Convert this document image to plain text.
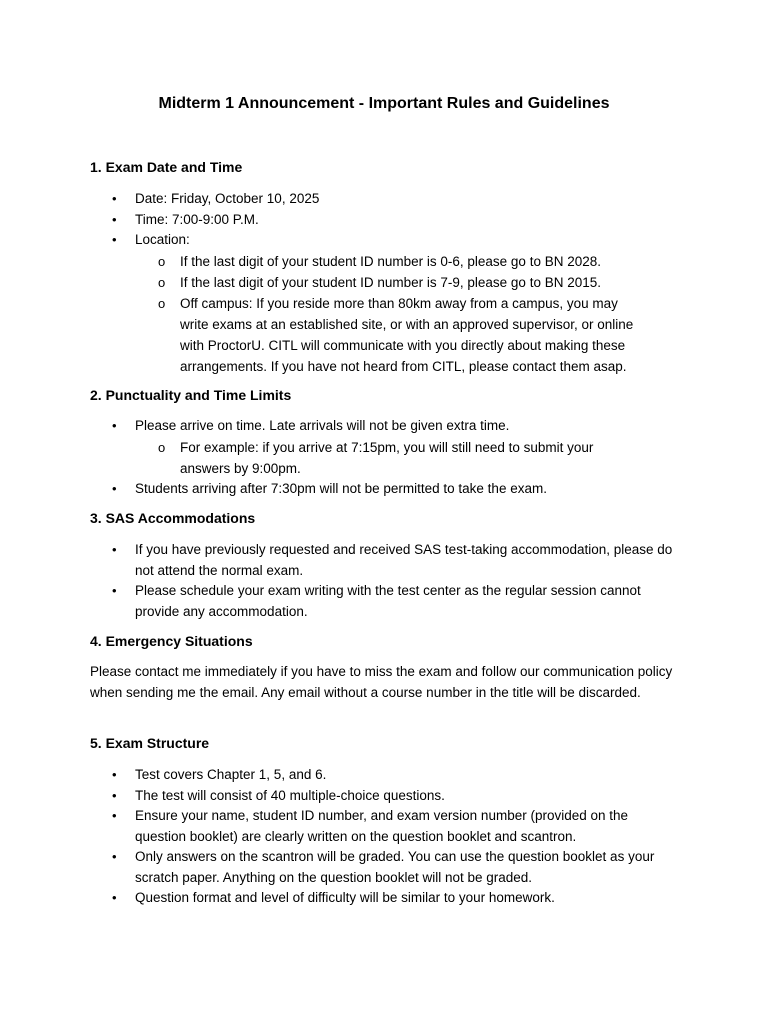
Midterm 1 Announcement - Important Rules and Guidelines
1. Exam Date and Time
• Date: Friday, October 10, 2025
• Time: 7:00-9:00 P.M.
• Location:
o If the last digit of your student ID number is 0-6, please go to BN 2028.
o If the last digit of your student ID number is 7-9, please go to BN 2015.
o Off campus: If you reside more than 80km away from a campus, you may write exams at an established site, or with an approved supervisor, or online with ProctorU. CITL will communicate with you directly about making these arrangements. If you have not heard from CITL, please contact them asap.
2. Punctuality and Time Limits
• Please arrive on time. Late arrivals will not be given extra time.
o For example: if you arrive at 7:15pm, you will still need to submit your answers by 9:00pm.
• Students arriving after 7:30pm will not be permitted to take the exam.
3. SAS Accommodations
• If you have previously requested and received SAS test-taking accommodation, please do not attend the normal exam.
• Please schedule your exam writing with the test center as the regular session cannot provide any accommodation.
4. Emergency Situations

Please contact me immediately if you have to miss the exam and follow our communication policy when sending me the email. Any email without a course number in the title will be discarded.

5. Exam Structure
• Test covers Chapter 1, 5, and 6.
• The test will consist of 40 multiple-choice questions.
• Ensure your name, student ID number, and exam version number (provided on the question booklet) are clearly written on the question booklet and scantron.
• Only answers on the scantron will be graded. You can use the question booklet as your scratch paper. Anything on the question booklet will not be graded.
• Question format and level of difficulty will be similar to your homework.
